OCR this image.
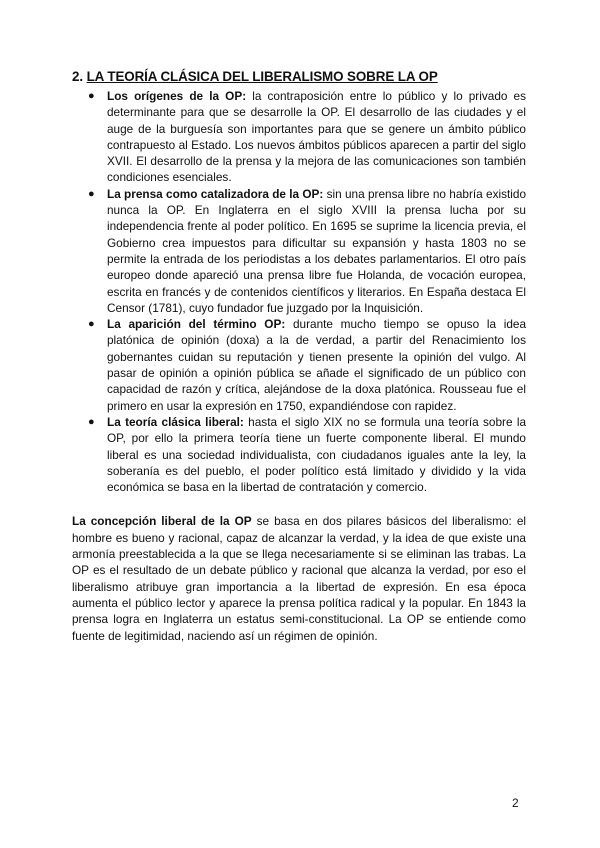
2. LA TEORÍA CLÁSICA DEL LIBERALISMO SOBRE LA OP
● Los orígenes de la OP: la contraposición entre lo público y lo privado es determinante para que se desarrolle la OP. El desarrollo de las ciudades y el auge de la burguesía son importantes para que se genere un ámbito público contrapuesto al Estado. Los nuevos ámbitos públicos aparecen a partir del siglo XVII. El desarrollo de la prensa y la mejora de las comunicaciones son también condiciones esenciales.
● La prensa como catalizadora de la OP: sin una prensa libre no habría existido nunca la OP. En Inglaterra en el siglo XVIII la prensa lucha por su independencia frente al poder político. En 1695 se suprime la licencia previa, el Gobierno crea impuestos para dificultar su expansión y hasta 1803 no se permite la entrada de los periodistas a los debates parlamentarios. El otro país europeo donde apareció una prensa libre fue Holanda, de vocación europea, escrita en francés y de contenidos científicos y literarios. En España destaca El Censor (1781), cuyo fundador fue juzgado por la Inquisición.
● La aparición del término OP: durante mucho tiempo se opuso la idea platónica de opinión (doxa) a la de verdad, a partir del Renacimiento los gobernantes cuidan su reputación y tienen presente la opinión del vulgo. Al pasar de opinión a opinión pública se añade el significado de un público con capacidad de razón y crítica, alejándose de la doxa platónica. Rousseau fue el primero en usar la expresión en 1750, expandiéndose con rapidez.
● La teoría clásica liberal: hasta el siglo XIX no se formula una teoría sobre la OP, por ello la primera teoría tiene un fuerte componente liberal. El mundo liberal es una sociedad individualista, con ciudadanos iguales ante la ley, la soberanía es del pueblo, el poder político está limitado y dividido y la vida económica se basa en la libertad de contratación y comercio.

La concepción liberal de la OP se basa en dos pilares básicos del liberalismo: el hombre es bueno y racional, capaz de alcanzar la verdad, y la idea de que existe una armonía preestablecida a la que se llega necesariamente si se eliminan las trabas. La OP es el resultado de un debate público y racional que alcanza la verdad, por eso el liberalismo atribuye gran importancia a la libertad de expresión. En esa época aumenta el público lector y aparece la prensa política radical y la popular. En 1843 la prensa logra en Inglaterra un estatus semi-constitucional. La OP se entiende como fuente de legitimidad, naciendo así un régimen de opinión.

2
